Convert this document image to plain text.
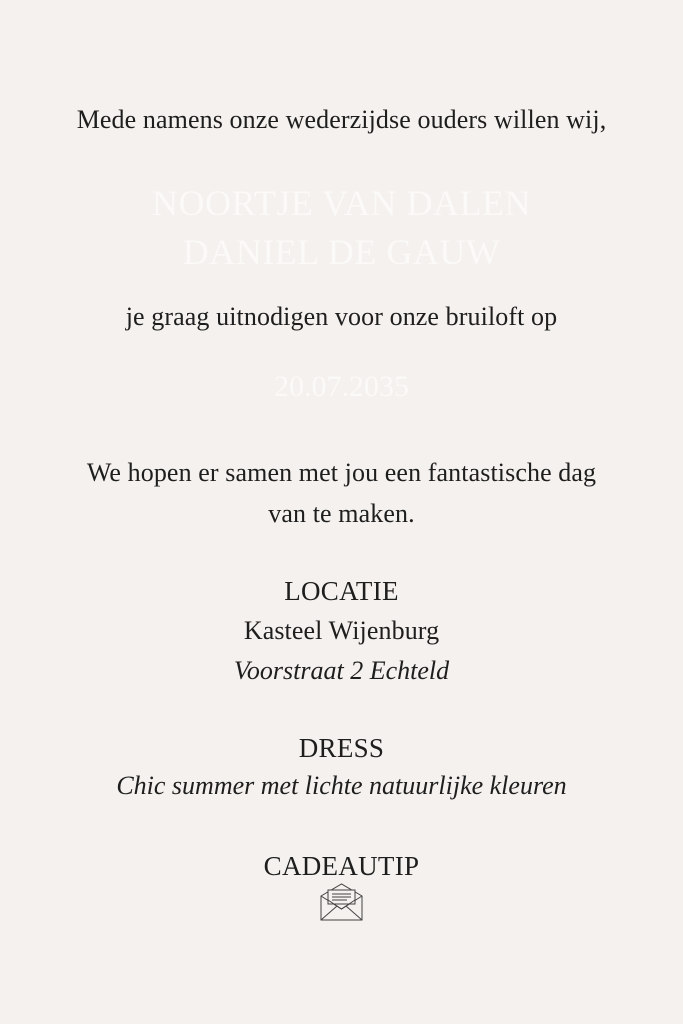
Mede namens onze wederzijdse ouders willen wij,
NOORTJE VAN DALEN
DANIEL DE GAUW
je graag uitnodigen voor onze bruiloft op
20.07.2035
We hopen er samen met jou een fantastische dag
van te maken.
LOCATIE
Kasteel Wijenburg
Voorstraat 2 Echteld
DRESS
Chic summer met lichte natuurlijke kleuren
CADEAUTIP
